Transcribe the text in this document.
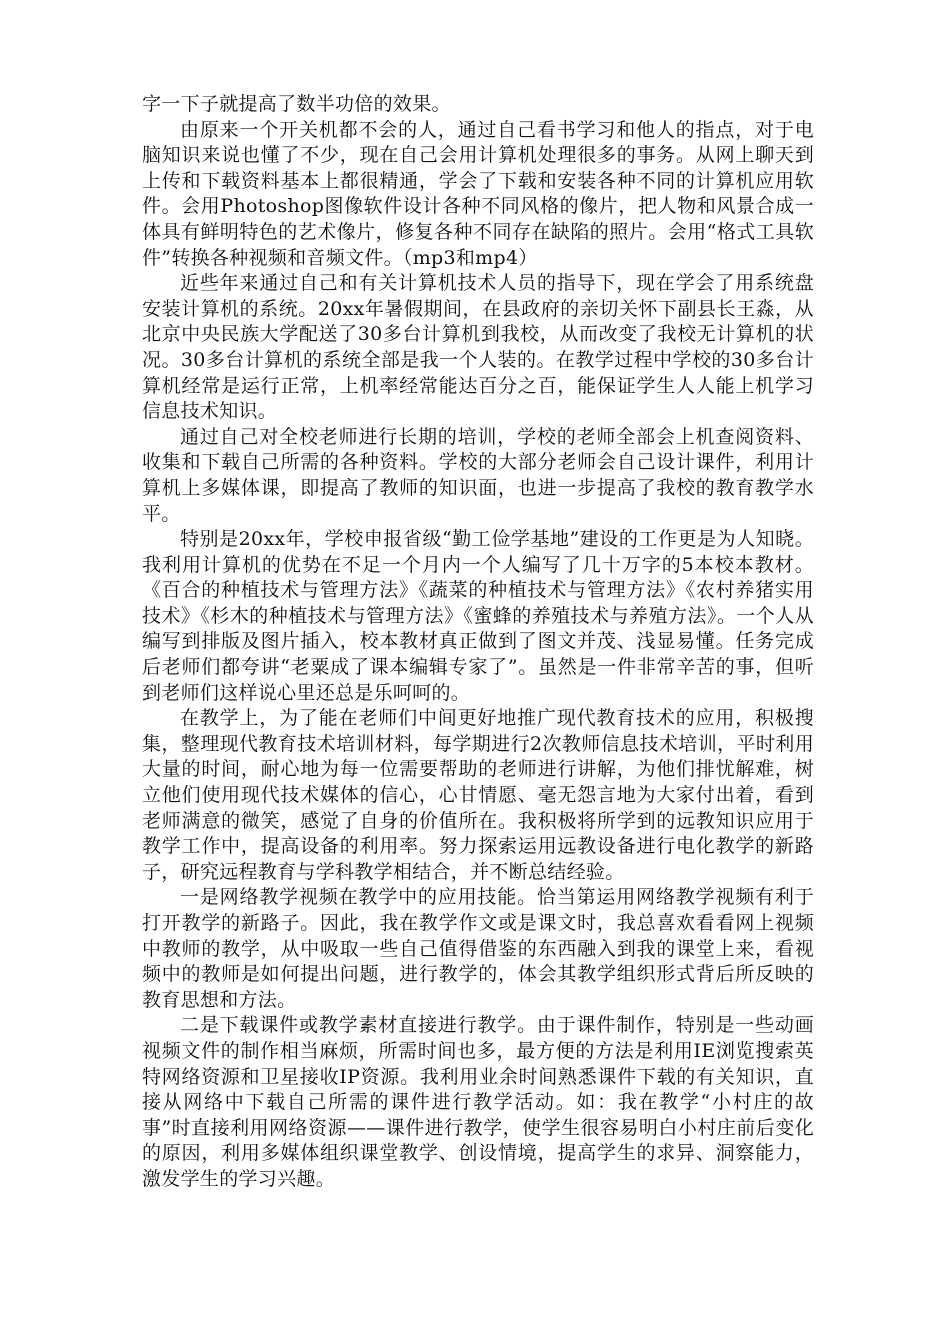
字一下子就提高了数半功倍的效果。

由原来一个开关机都不会的人，通过自己看书学习和他人的指点，对于电脑知识来说也懂了不少，现在自己会用计算机处理很多的事务。从网上聊天到上传和下载资料基本上都很精通，学会了下载和安装各种不同的计算机应用软件。会用Photoshop图像软件设计各种不同风格的像片，把人物和风景合成一体具有鲜明特色的艺术像片，修复各种不同存在缺陷的照片。会用“格式工具软件”转换各种视频和音频文件。（mp3和mp4）

近些年来通过自己和有关计算机技术人员的指导下，现在学会了用系统盘安装计算机的系统。20xx年暑假期间，在县政府的亲切关怀下副县长王淼，从北京中央民族大学配送了30多台计算机到我校，从而改变了我校无计算机的状况。30多台计算机的系统全部是我一个人装的。在教学过程中学校的30多台计算机经常是运行正常，上机率经常能达百分之百，能保证学生人人能上机学习信息技术知识。

通过自己对全校老师进行长期的培训，学校的老师全部会上机查阅资料、收集和下载自己所需的各种资料。学校的大部分老师会自己设计课件，利用计算机上多媒体课，即提高了教师的知识面，也进一步提高了我校的教育教学水平。

特别是20xx年，学校申报省级“勤工俭学基地”建设的工作更是为人知晓。我利用计算机的优势在不足一个月内一个人编写了几十万字的5本校本教材。《百合的种植技术与管理方法》《蔬菜的种植技术与管理方法》《农村养猪实用技术》《杉木的种植技术与管理方法》《蜜蜂的养殖技术与养殖方法》。一个人从编写到排版及图片插入，校本教材真正做到了图文并茂、浅显易懂。任务完成后老师们都夸讲“老粟成了课本编辑专家了”。虽然是一件非常辛苦的事，但听到老师们这样说心里还总是乐呵呵的。

在教学上，为了能在老师们中间更好地推广现代教育技术的应用，积极搜集，整理现代教育技术培训材料，每学期进行2次教师信息技术培训，平时利用大量的时间，耐心地为每一位需要帮助的老师进行讲解，为他们排忧解难，树立他们使用现代技术媒体的信心，心甘情愿、毫无怨言地为大家付出着，看到老师满意的微笑，感觉了自身的价值所在。我积极将所学到的远教知识应用于教学工作中，提高设备的利用率。努力探索运用远教设备进行电化教学的新路子，研究远程教育与学科教学相结合，并不断总结经验。

一是网络教学视频在教学中的应用技能。恰当第运用网络教学视频有利于打开教学的新路子。因此，我在教学作文或是课文时，我总喜欢看看网上视频中教师的教学，从中吸取一些自己值得借鉴的东西融入到我的课堂上来，看视频中的教师是如何提出问题，进行教学的，体会其教学组织形式背后所反映的教育思想和方法。

二是下载课件或教学素材直接进行教学。由于课件制作，特别是一些动画视频文件的制作相当麻烦，所需时间也多，最方便的方法是利用IE浏览搜索英特网络资源和卫星接收IP资源。我利用业余时间熟悉课件下载的有关知识，直接从网络中下载自己所需的课件进行教学活动。如：我在教学“小村庄的故事”时直接利用网络资源——课件进行教学，使学生很容易明白小村庄前后变化的原因，利用多媒体组织课堂教学、创设情境，提高学生的求异、洞察能力，激发学生的学习兴趣。
